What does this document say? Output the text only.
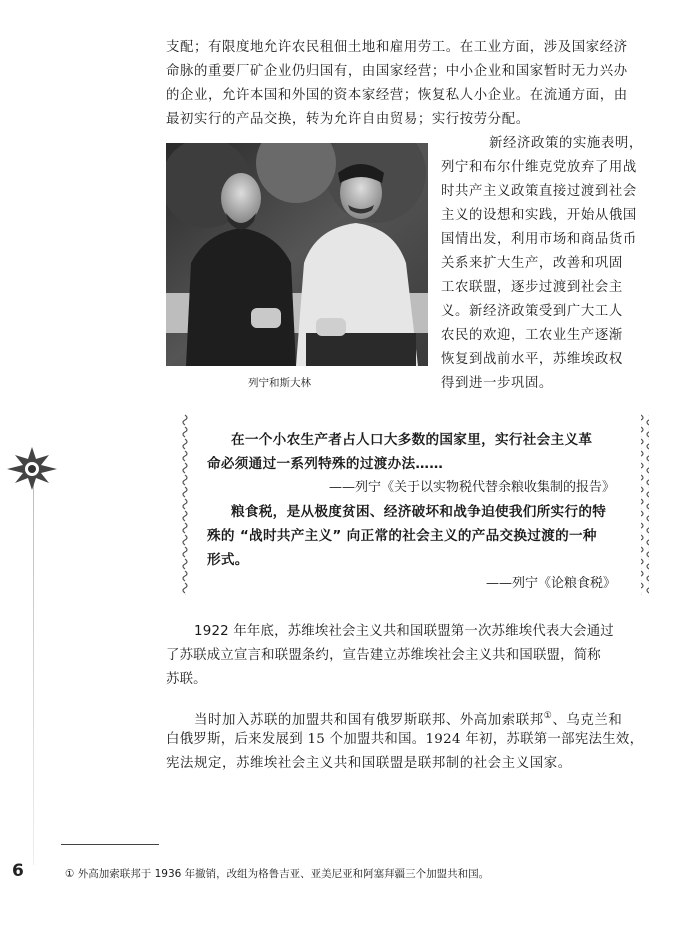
支配；有限度地允许农民租佃土地和雇用劳工。在工业方面，涉及国家经济
命脉的重要厂矿企业仍归国有，由国家经营；中小企业和国家暂时无力兴办
的企业，允许本国和外国的资本家经营；恢复私人小企业。在流通方面，由
最初实行的产品交换，转为允许自由贸易；实行按劳分配。
列宁和斯大林
新经济政策的实施表明，
列宁和布尔什维克党放弃了用战
时共产主义政策直接过渡到社会
主义的设想和实践，开始从俄国
国情出发，利用市场和商品货币
关系来扩大生产，改善和巩固
工农联盟，逐步过渡到社会主
义。新经济政策受到广大工人
农民的欢迎，工农业生产逐渐
恢复到战前水平，苏维埃政权
得到进一步巩固。
在一个小农生产者占人口大多数的国家里，实行社会主义革
命必须通过一系列特殊的过渡办法……
——列宁《关于以实物税代替余粮收集制的报告》
粮食税，是从极度贫困、经济破坏和战争迫使我们所实行的特
殊的 “战时共产主义” 向正常的社会主义的产品交换过渡的一种
形式。
——列宁《论粮食税》
1922 年年底，苏维埃社会主义共和国联盟第一次苏维埃代表大会通过
了苏联成立宣言和联盟条约，宣告建立苏维埃社会主义共和国联盟，简称
苏联。
当时加入苏联的加盟共和国有俄罗斯联邦、外高加索联邦①、乌克兰和
白俄罗斯，后来发展到 15 个加盟共和国。1924 年初，苏联第一部宪法生效，
宪法规定，苏维埃社会主义共和国联盟是联邦制的社会主义国家。
6	① 外高加索联邦于 1936 年撤销，改组为格鲁吉亚、亚美尼亚和阿塞拜疆三个加盟共和国。
